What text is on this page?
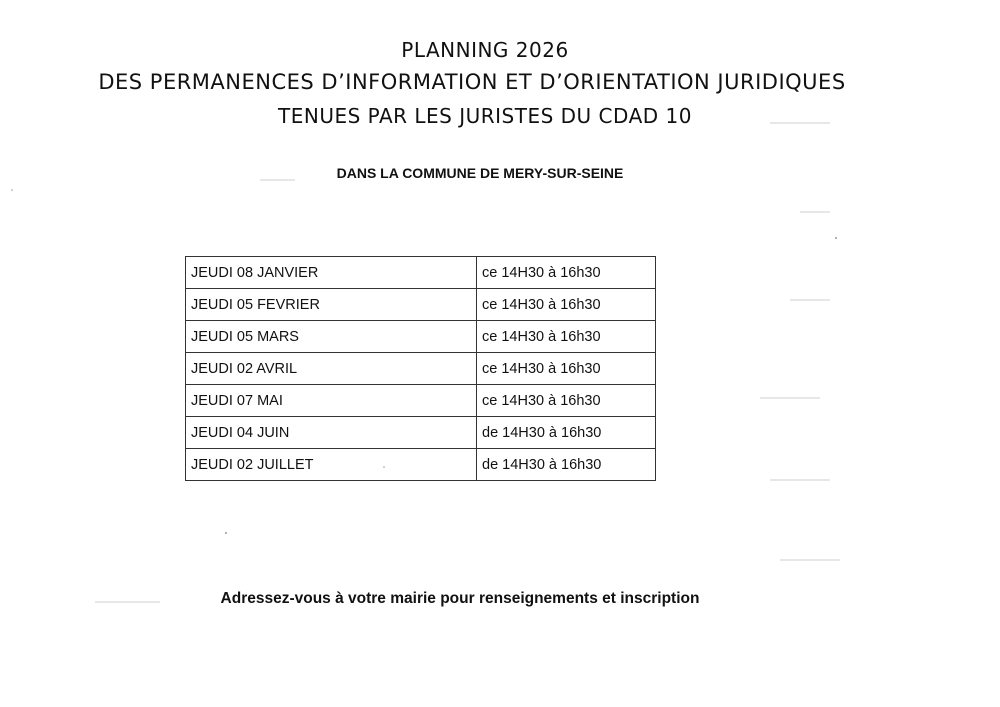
PLANNING 2026
DES PERMANENCES D’INFORMATION ET D’ORIENTATION JURIDIQUES
TENUES PAR LES JURISTES DU CDAD 10
DANS LA COMMUNE DE MERY-SUR-SEINE
JEUDI 08 JANVIER	ce 14H30 à 16h30
JEUDI 05 FEVRIER	ce 14H30 à 16h30
JEUDI 05 MARS	ce 14H30 à 16h30
JEUDI 02 AVRIL	ce 14H30 à 16h30
JEUDI 07 MAI	ce 14H30 à 16h30
JEUDI 04 JUIN	de 14H30 à 16h30
JEUDI 02 JUILLET	de 14H30 à 16h30
Adressez-vous à votre mairie pour renseignements et inscription
